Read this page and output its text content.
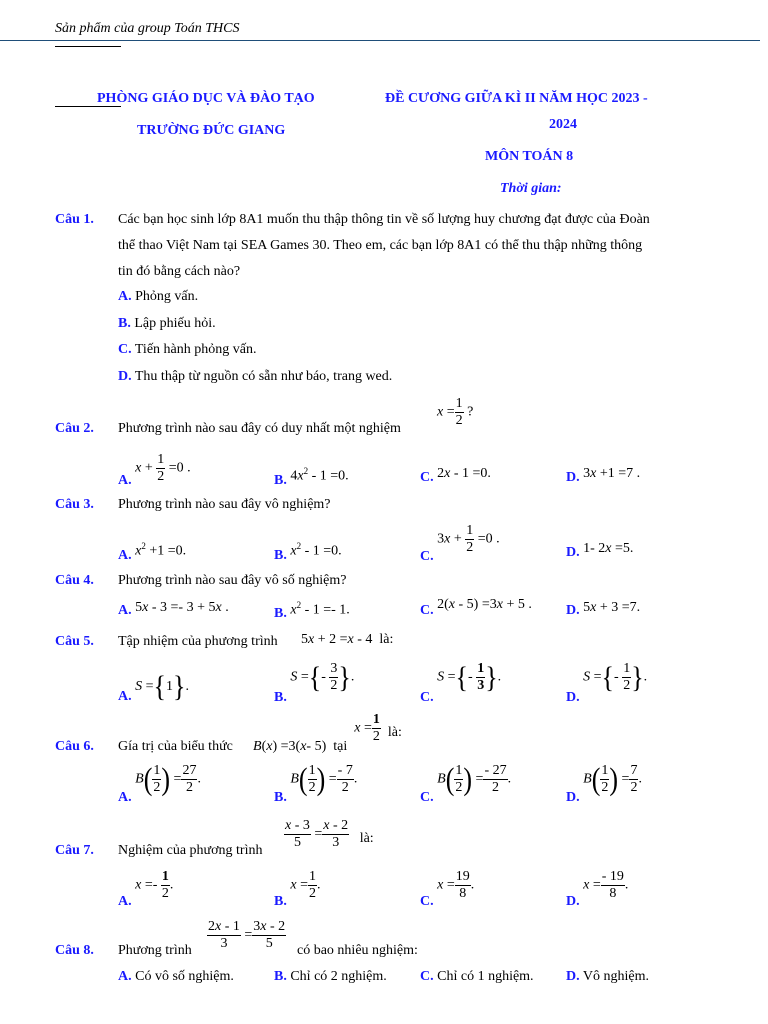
Sản phẩm của group Toán THCS
PHÒNG GIÁO DỤC VÀ ĐÀO TẠO
TRƯỜNG ĐỨC GIANG
ĐỀ CƯƠNG GIỮA KÌ II NĂM HỌC 2023 -
2024
MÔN TOÁN 8
Thời gian:
Câu 1. Các bạn học sinh lớp 8A1 muốn thu thập thông tin về số lượng huy chương đạt được của Đoàn
thể thao Việt Nam tại SEA Games 30. Theo em, các bạn lớp 8A1 có thể thu thập những thông
tin đó bằng cách nào?
A. Phỏng vấn.
B. Lập phiếu hỏi.
C. Tiến hành phỏng vấn.
D. Thu thập từ nguồn có sẵn như báo, trang wed.
Câu 2. Phương trình nào sau đây có duy nhất một nghiệm
$x = \frac{1}{2}$ ?
A. $x + \frac{1}{2} =0$ .
B. $4x^2 - 1 =0$.	C. 2x - 1 =0.	D. 3x +1 =7 .
Câu 3. Phương trình nào sau đây vô nghiệm?
A. $x^2 +1 =0$.	B. $x^2 - 1 =0$.	C. $3x + \frac{1}{2} =0$ .
D. 1- 2x =5.
Câu 4. Phương trình nào sau đây vô số nghiệm?
A. 5x - 3 =- 3 + 5x .	B. $x^2 - 1 =- 1$.	C. 2(x - 5) =3x + 5 . D. 5x + 3 =7.
Câu 5. Tập nhiệm của phương trình 5x + 2 =x - 4  là:
A. S ={1}.
B. S ={- $\frac{3}{2}$ }.
C. S ={- $\frac{1}{3}$ }.
D. S ={- $\frac{1}{2}$ }.
Câu 6. Gía trị của biểu thức B(x) =3(x- 5)  tại  $x = \frac{1}{2}$ là:
A. $B( \frac{1}{2}$ ) = $\frac{27}{2}$ .
B. $B( \frac{1}{2}$ ) = $\frac{- 7}{2}$ .
C. $B( \frac{1}{2}$ ) = $\frac{- 27}{2}$ .
D. $B( \frac{1}{2}$ ) = $\frac{7}{2}$ .
Câu 7. Nghiệm của phương trình
$\frac{x - 3}{5} = \frac{x - 2}{3}$ là:
A. $x =- \frac{1}{2}$ .
B. $x = \frac{1}{2}$ .
C. $x = \frac{19}{8}$ .
D. $x = \frac{- 19}{8}$ .
Câu 8. Phương trình $\frac{2x - 1}{3} = \frac{3x - 2}{5}$ có bao nhiêu nghiệm:
A. Có vô số nghiệm.	B. Chỉ có 2 nghiệm. C. Chỉ có 1 nghiệm. D. Vô nghiệm.
